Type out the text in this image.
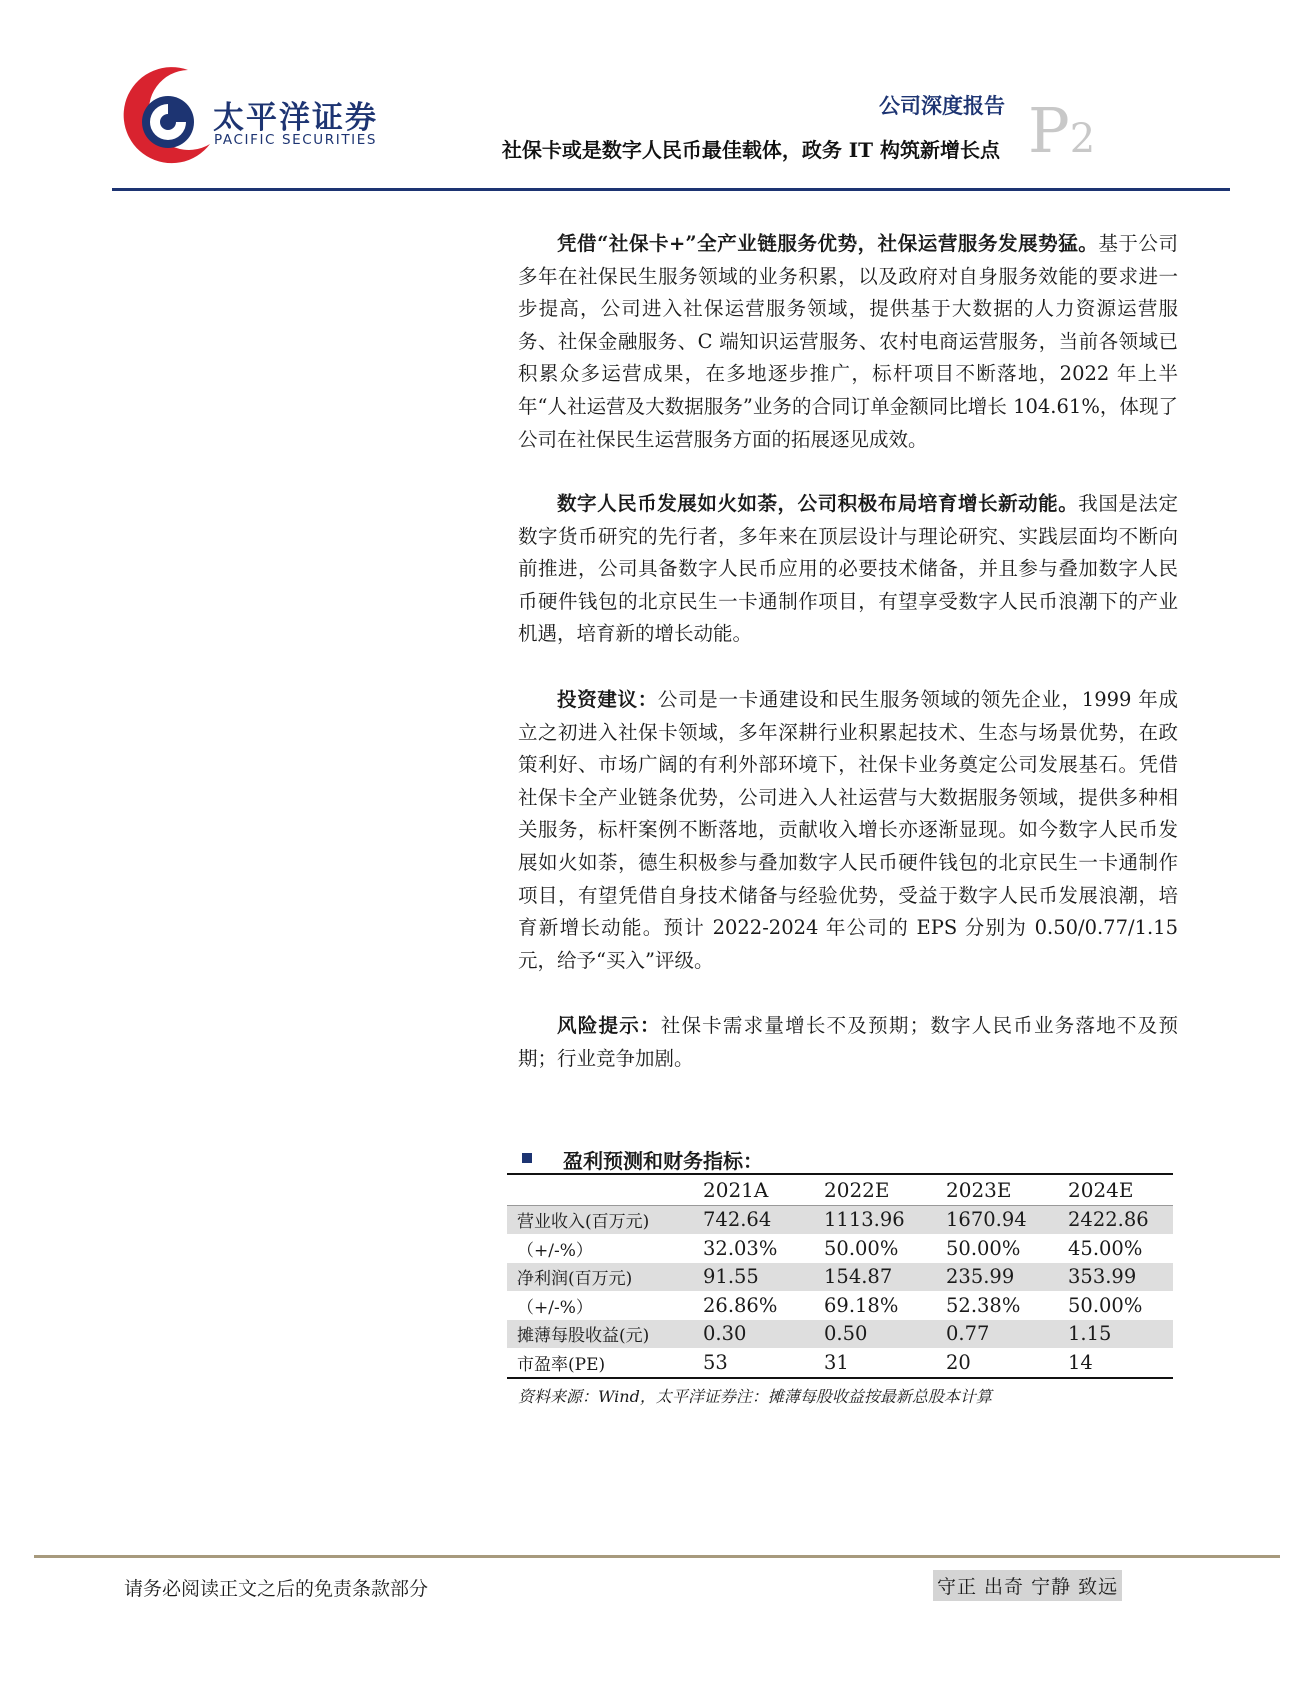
太平洋证券
PACIFIC SECURITIES
公司深度报告
社保卡或是数字人民币最佳载体，政务 IT 构筑新增长点 P2

凭借“社保卡+”全产业链服务优势，社保运营服务发展势猛。基于公司多年在社保民生服务领域的业务积累，以及政府对自身服务效能的要求进一步提高，公司进入社保运营服务领域，提供基于大数据的人力资源运营服务、社保金融服务、C 端知识运营服务、农村电商运营服务，当前各领域已积累众多运营成果，在多地逐步推广，标杆项目不断落地，2022 年上半年“人社运营及大数据服务”业务的合同订单金额同比增长 104.61%，体现了公司在社保民生运营服务方面的拓展逐见成效。

数字人民币发展如火如荼，公司积极布局培育增长新动能。我国是法定数字货币研究的先行者，多年来在顶层设计与理论研究、实践层面均不断向前推进，公司具备数字人民币应用的必要技术储备，并且参与叠加数字人民币硬件钱包的北京民生一卡通制作项目，有望享受数字人民币浪潮下的产业机遇，培育新的增长动能。

投资建议：公司是一卡通建设和民生服务领域的领先企业，1999 年成立之初进入社保卡领域，多年深耕行业积累起技术、生态与场景优势，在政策利好、市场广阔的有利外部环境下，社保卡业务奠定公司发展基石。凭借社保卡全产业链条优势，公司进入人社运营与大数据服务领域，提供多种相关服务，标杆案例不断落地，贡献收入增长亦逐渐显现。如今数字人民币发展如火如荼，德生积极参与叠加数字人民币硬件钱包的北京民生一卡通制作项目，有望凭借自身技术储备与经验优势，受益于数字人民币发展浪潮，培育新增长动能。预计 2022-2024 年公司的 EPS 分别为 0.50/0.77/1.15 元，给予“买入”评级。

风险提示：社保卡需求量增长不及预期；数字人民币业务落地不及预期；行业竞争加剧。

盈利预测和财务指标：
	2021A	2022E	2023E	2024E
营业收入(百万元)	742.64	1113.96	1670.94	2422.86
（+/-%）	32.03%	50.00%	50.00%	45.00%
净利润(百万元)	91.55	154.87	235.99	353.99
（+/-%）	26.86%	69.18%	52.38%	50.00%
摊薄每股收益(元)	0.30	0.50	0.77	1.15
市盈率(PE)	53	31	20	14
资料来源：Wind，太平洋证券注：摊薄每股收益按最新总股本计算
请务必阅读正文之后的免责条款部分	守正 出奇 宁静 致远
